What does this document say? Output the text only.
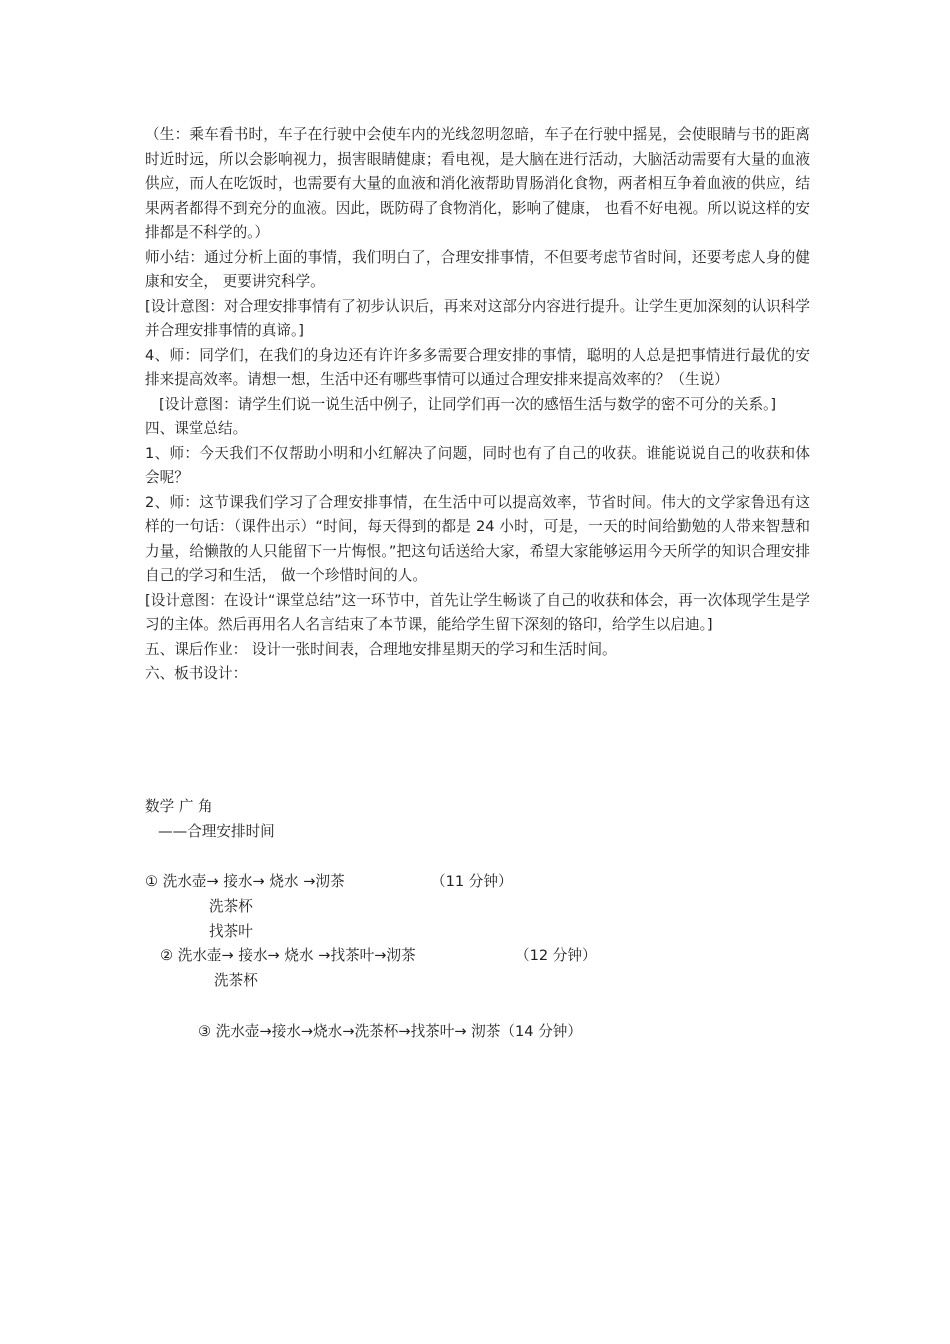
（生：乘车看书时，车子在行驶中会使车内的光线忽明忽暗，车子在行驶中摇晃，会使眼睛与书的距离时近时远，所以会影响视力，损害眼睛健康；看电视，是大脑在进行活动，大脑活动需要有大量的血液供应，而人在吃饭时，也需要有大量的血液和消化液帮助胃肠消化食物，两者相互争着血液的供应，结果两者都得不到充分的血液。因此，既防碍了食物消化，影响了健康， 也看不好电视。所以说这样的安排都是不科学的。）

师小结：通过分析上面的事情，我们明白了，合理安排事情，不但要考虑节省时间，还要考虑人身的健康和安全， 更要讲究科学。

[设计意图：对合理安排事情有了初步认识后，再来对这部分内容进行提升。让学生更加深刻的认识科学并合理安排事情的真谛。]

4、师：同学们，在我们的身边还有许许多多需要合理安排的事情，聪明的人总是把事情进行最优的安排来提高效率。请想一想，生活中还有哪些事情可以通过合理安排来提高效率的？（生说）

[设计意图：请学生们说一说生活中例子，让同学们再一次的感悟生活与数学的密不可分的关系。]

四、课堂总结。

1、师：今天我们不仅帮助小明和小红解决了问题，同时也有了自己的收获。谁能说说自己的收获和体会呢？

2、师：这节课我们学习了合理安排事情，在生活中可以提高效率，节省时间。伟大的文学家鲁迅有这样的一句话：（课件出示）“时间，每天得到的都是 24 小时，可是，一天的时间给勤勉的人带来智慧和力量，给懒散的人只能留下一片悔恨。”把这句话送给大家，希望大家能够运用今天所学的知识合理安排自己的学习和生活， 做一个珍惜时间的人。

[设计意图：在设计“课堂总结”这一环节中，首先让学生畅谈了自己的收获和体会，再一次体现学生是学习的主体。然后再用名人名言结束了本节课，能给学生留下深刻的铬印，给学生以启迪。]

五、课后作业： 设计一张时间表，合理地安排星期天的学习和生活时间。

六、板书设计：

数学 广 角
——合理安排时间
① 洗水壶→ 接水→ 烧水 →沏茶	（11 分钟）
洗茶杯
找茶叶
② 洗水壶→ 接水→ 烧水 →找茶叶→沏茶	（12 分钟）
洗茶杯
③ 洗水壶→接水→烧水→洗茶杯→找茶叶→ 沏茶（14 分钟）
